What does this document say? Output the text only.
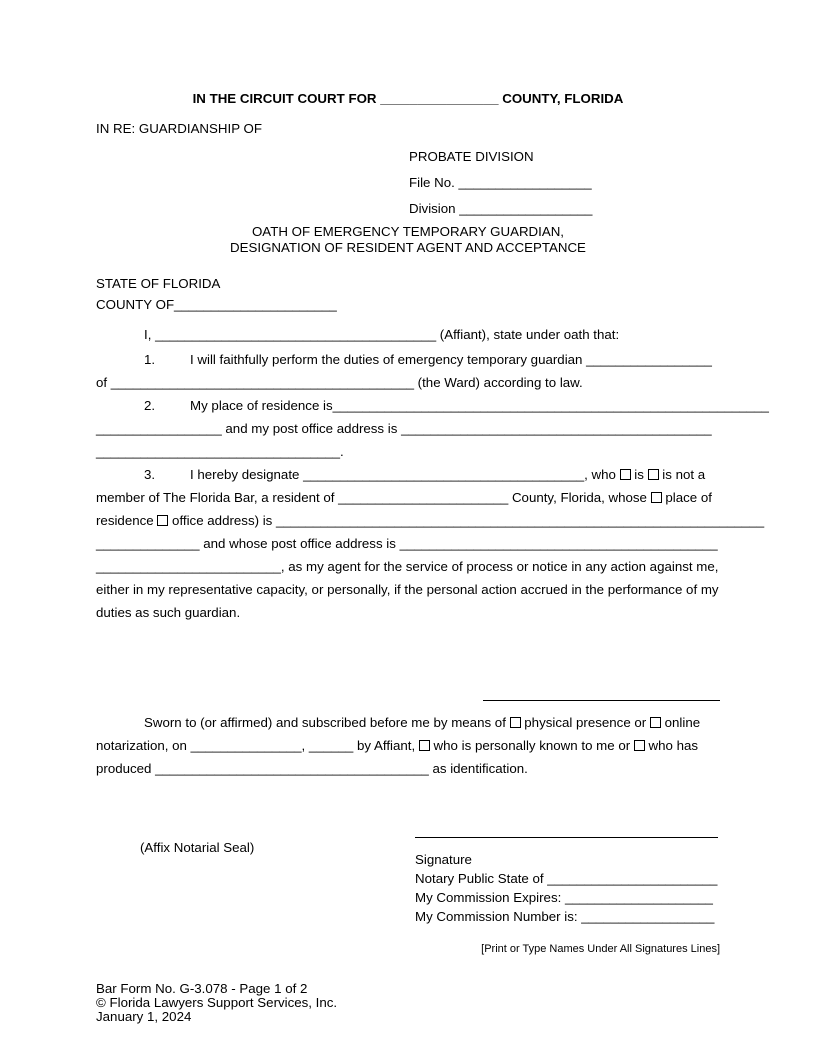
IN THE CIRCUIT COURT FOR ________________ COUNTY, FLORIDA
IN RE: GUARDIANSHIP OF
PROBATE DIVISION
File No. __________________
Division __________________
OATH OF EMERGENCY TEMPORARY GUARDIAN,
DESIGNATION OF RESIDENT AGENT AND ACCEPTANCE
STATE OF FLORIDA
COUNTY OF______________________
I, ______________________________________ (Affiant), state under oath that:
1.	I will faithfully perform the duties of emergency temporary guardian _________________
of _________________________________________ (the Ward) according to law.
2.	My place of residence is___________________________________________________________
_________________ and my post office address is __________________________________________
_________________________________.
3.	I hereby designate ______________________________________, who  is  is not a
member of The Florida Bar, a resident of _______________________ County, Florida, whose  place of
residence  office address) is __________________________________________________________________
______________ and whose post office address is ___________________________________________
_________________________, as my agent for the service of process or notice in any action against me,
either in my representative capacity, or personally, if the personal action accrued in the performance of my
duties as such guardian.
Sworn to (or affirmed) and subscribed before me by means of  physical presence or  online
notarization, on _______________, ______ by Affiant,  who is personally known to me or  who has
produced _____________________________________ as identification.
(Affix Notarial Seal)
Signature
Notary Public State of _______________________
My Commission Expires: ____________________
My Commission Number is: __________________
[Print or Type Names Under All Signatures Lines]
Bar Form No. G-3.078 - Page 1 of 2
© Florida Lawyers Support Services, Inc.
January 1, 2024
